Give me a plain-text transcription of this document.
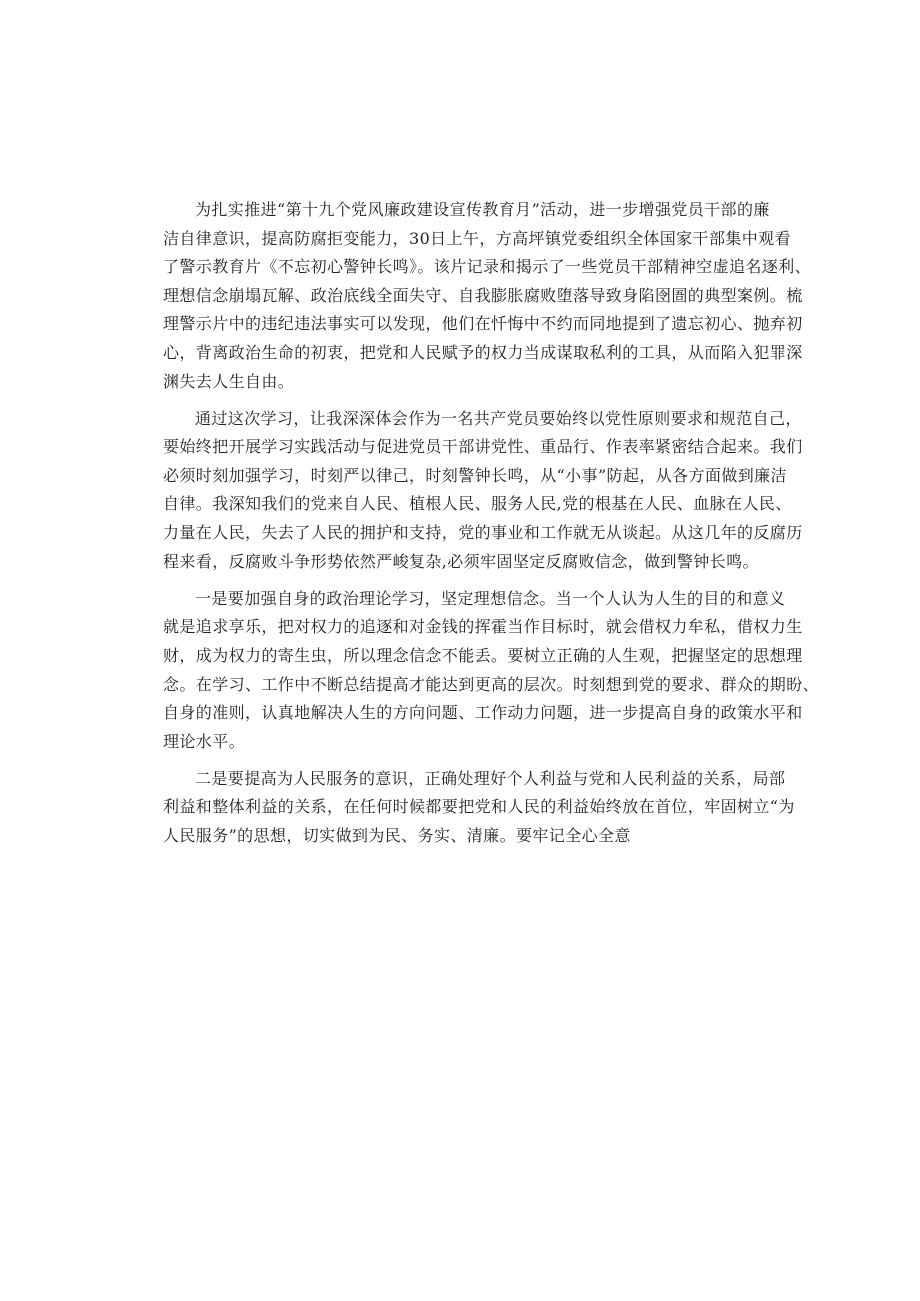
为扎实推进“第十九个党风廉政建设宣传教育月”活动，进一步增强党员干部的廉
洁自律意识，提高防腐拒变能力，30日上午，方高坪镇党委组织全体国家干部集中观看
了警示教育片《不忘初心警钟长鸣》。该片记录和揭示了一些党员干部精神空虚追名逐利、
理想信念崩塌瓦解、政治底线全面失守、自我膨胀腐败堕落导致身陷囹圄的典型案例。梳
理警示片中的违纪违法事实可以发现，他们在忏悔中不约而同地提到了遗忘初心、抛弃初
心，背离政治生命的初衷，把党和人民赋予的权力当成谋取私利的工具，从而陷入犯罪深
渊失去人生自由。
通过这次学习，让我深深体会作为一名共产党员要始终以党性原则要求和规范自己，
要始终把开展学习实践活动与促进党员干部讲党性、重品行、作表率紧密结合起来。我们
必须时刻加强学习，时刻严以律己，时刻警钟长鸣，从“小事”防起，从各方面做到廉洁
自律。我深知我们的党来自人民、植根人民、服务人民,党的根基在人民、血脉在人民、
力量在人民，失去了人民的拥护和支持，党的事业和工作就无从谈起。从这几年的反腐历
程来看，反腐败斗争形势依然严峻复杂,必须牢固坚定反腐败信念，做到警钟长鸣。
一是要加强自身的政治理论学习，坚定理想信念。当一个人认为人生的目的和意义
就是追求享乐，把对权力的追逐和对金钱的挥霍当作目标时，就会借权力牟私，借权力生
财，成为权力的寄生虫，所以理念信念不能丢。要树立正确的人生观，把握坚定的思想理
念。在学习、工作中不断总结提高才能达到更高的层次。时刻想到党的要求、群众的期盼、
自身的准则，认真地解决人生的方向问题、工作动力问题，进一步提高自身的政策水平和
理论水平。
二是要提高为人民服务的意识，正确处理好个人利益与党和人民利益的关系，局部
利益和整体利益的关系，在任何时候都要把党和人民的利益始终放在首位，牢固树立“为
人民服务”的思想，切实做到为民、务实、清廉。要牢记全心全意
